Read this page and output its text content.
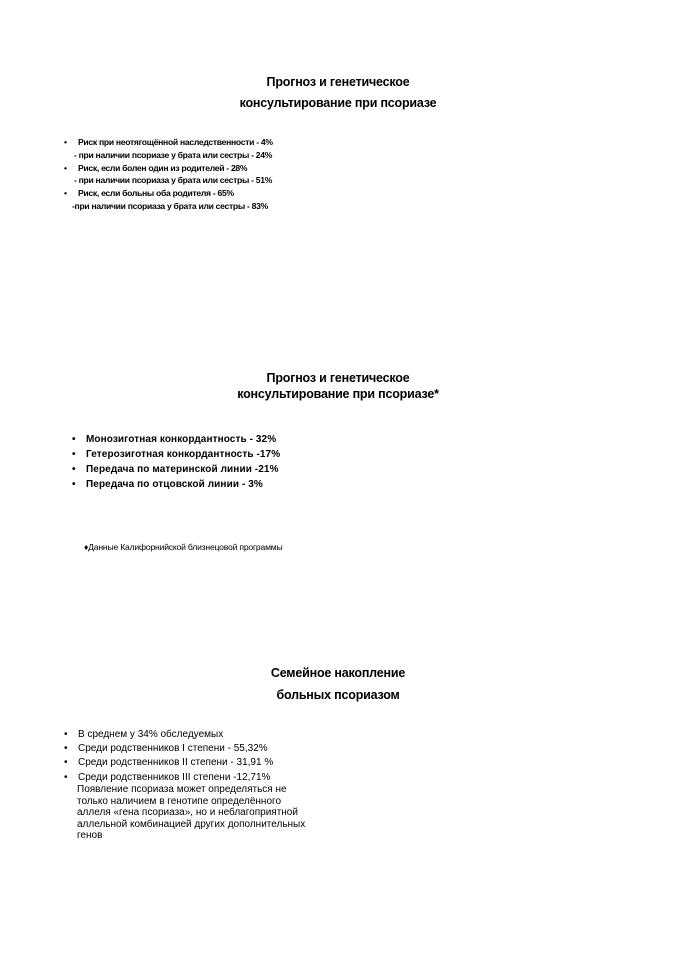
Прогноз и генетическое
консультирование при псориазе
• Риск при неотягощённой наследственности - 4%
- при наличии псориазе у брата или сестры - 24%
• Риск, если болен один из родителей - 28%
- при наличии псориаза у брата или сестры - 51%
• Риск, если больны оба родителя - 65%
-при наличии псориаза у брата или сестры - 83%
Прогноз и генетическое
консультирование при псориазе*
• Монозиготная конкордантность - 32%
• Гетерозиготная конкордантность -17%
• Передача по материнской линии -21%
• Передача по отцовской линии - 3%
♦Данные Калифорнийской близнецовой программы
Семейное накопление
больных псориазом
• В среднем у 34% обследуемых
• Среди родственников I степени - 55,32%
• Среди родственников II степени - 31,91 %
• Среди родственников III степени -12,71%
Появление псориаза может определяться не
только наличием в генотипе определённого
аллеля «гена псориаза», но и неблагоприятной
аллельной комбинацией других дополнительных
генов
